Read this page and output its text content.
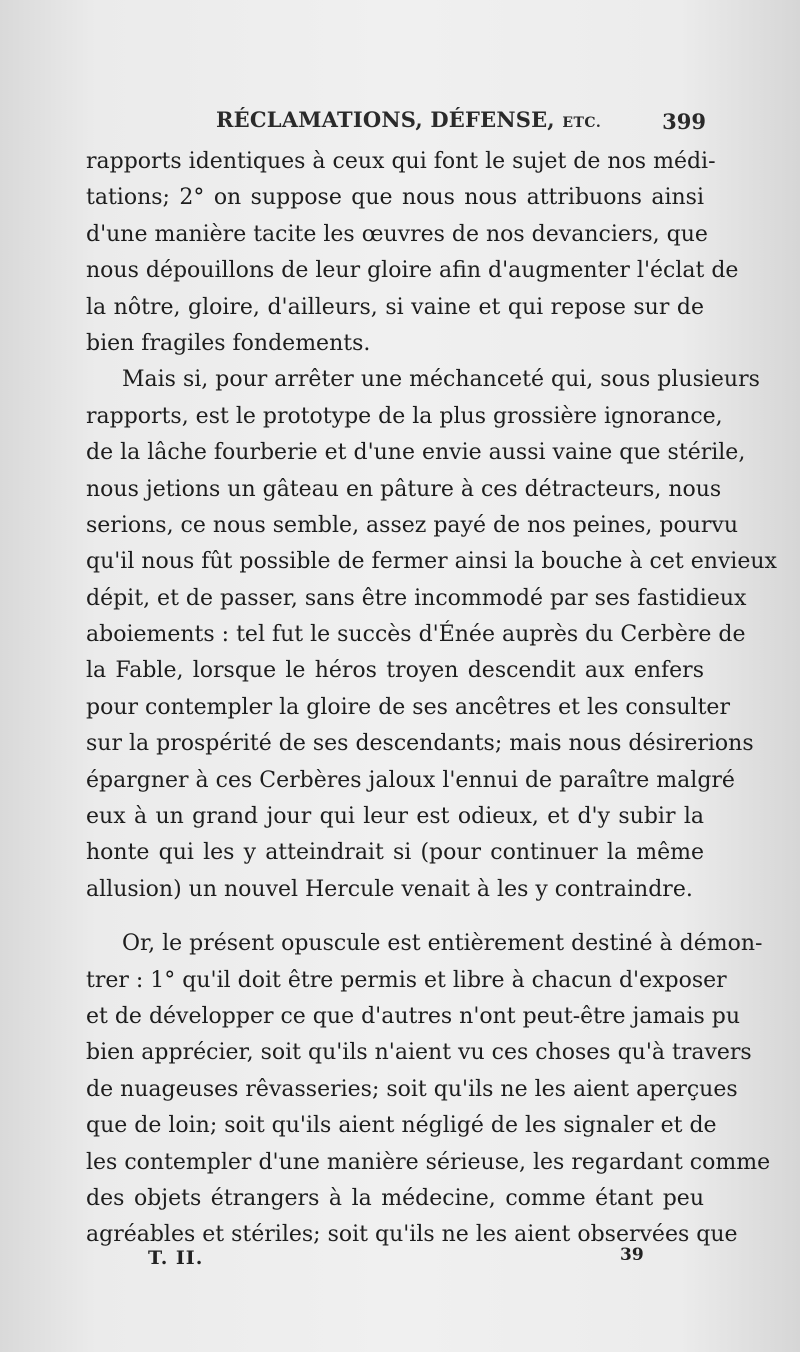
RÉCLAMATIONS, DÉFENSE, ETC.	399
rapports identiques à ceux qui font le sujet de nos médi-
tations; 2° on suppose que nous nous attribuons ainsi
d'une manière tacite les œuvres de nos devanciers, que
nous dépouillons de leur gloire afin d'augmenter l'éclat de
la nôtre, gloire, d'ailleurs, si vaine et qui repose sur de
bien fragiles fondements.
Mais si, pour arrêter une méchanceté qui, sous plusieurs
rapports, est le prototype de la plus grossière ignorance,
de la lâche fourberie et d'une envie aussi vaine que stérile,
nous jetions un gâteau en pâture à ces détracteurs, nous
serions, ce nous semble, assez payé de nos peines, pourvu
qu'il nous fût possible de fermer ainsi la bouche à cet envieux
dépit, et de passer, sans être incommodé par ses fastidieux
aboiements : tel fut le succès d'Énée auprès du Cerbère de
la Fable, lorsque le héros troyen descendit aux enfers
pour contempler la gloire de ses ancêtres et les consulter
sur la prospérité de ses descendants; mais nous désirerions
épargner à ces Cerbères jaloux l'ennui de paraître malgré
eux à un grand jour qui leur est odieux, et d'y subir la
honte qui les y atteindrait si (pour continuer la même
allusion) un nouvel Hercule venait à les y contraindre.
Or, le présent opuscule est entièrement destiné à démon-
trer : 1° qu'il doit être permis et libre à chacun d'exposer
et de développer ce que d'autres n'ont peut-être jamais pu
bien apprécier, soit qu'ils n'aient vu ces choses qu'à travers
de nuageuses rêvasseries; soit qu'ils ne les aient aperçues
que de loin; soit qu'ils aient négligé de les signaler et de
les contempler d'une manière sérieuse, les regardant comme
des objets étrangers à la médecine, comme étant peu
agréables et stériles; soit qu'ils ne les aient observées que
T. II.	39
